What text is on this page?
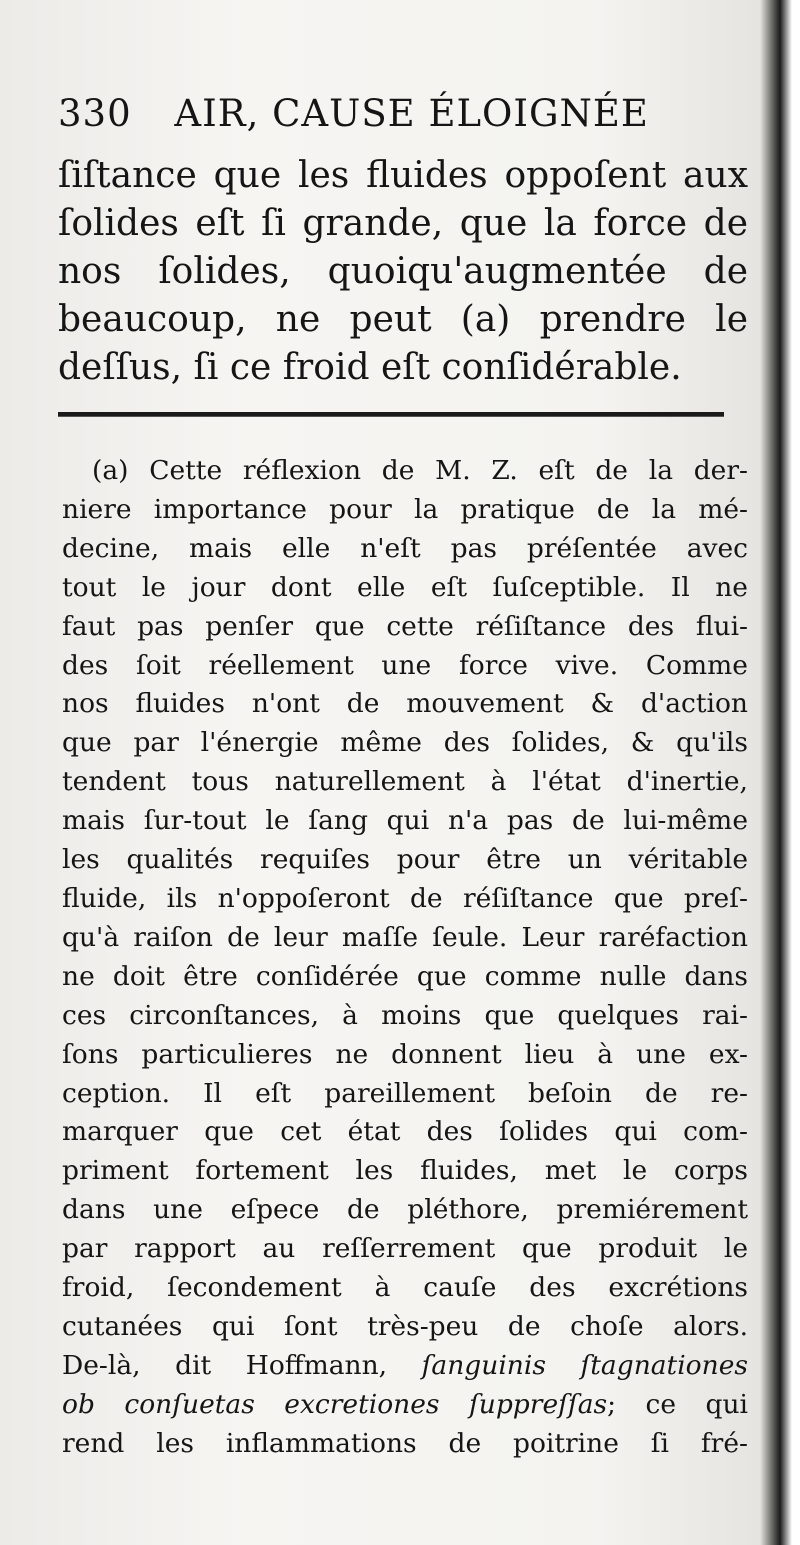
330 AIR, CAUSE ÉLOIGNÉE
ſiſtance que les fluides oppoſent aux
ſolides eſt ſi grande, que la force de
nos ſolides, quoiqu'augmentée de
beaucoup, ne peut (a) prendre le
deſſus, ſi ce froid eſt conſidérable.
(a) Cette réflexion de M. Z. eſt de la der-
niere importance pour la pratique de la mé-
decine, mais elle n'eſt pas préſentée avec
tout le jour dont elle eſt ſuſceptible. Il ne
faut pas penſer que cette réſiſtance des flui-
des ſoit réellement une force vive. Comme
nos fluides n'ont de mouvement & d'action
que par l'énergie même des ſolides, & qu'ils
tendent tous naturellement à l'état d'inertie,
mais ſur-tout le ſang qui n'a pas de lui-même
les qualités requiſes pour être un véritable
fluide, ils n'oppoſeront de réſiſtance que preſ-
qu'à raiſon de leur maſſe ſeule. Leur raréfaction
ne doit être conſidérée que comme nulle dans
ces circonſtances, à moins que quelques rai-
ſons particulieres ne donnent lieu à une ex-
ception. Il eſt pareillement beſoin de re-
marquer que cet état des ſolides qui com-
priment fortement les fluides, met le corps
dans une eſpece de pléthore, premiérement
par rapport au reſſerrement que produit le
froid, ſecondement à cauſe des excrétions
cutanées qui ſont très-peu de choſe alors.
De-là, dit Hoffmann, ſanguinis ſtagnationes
ob conſuetas excretiones ſuppreſſas; ce qui
rend les inflammations de poitrine ſi fré-
